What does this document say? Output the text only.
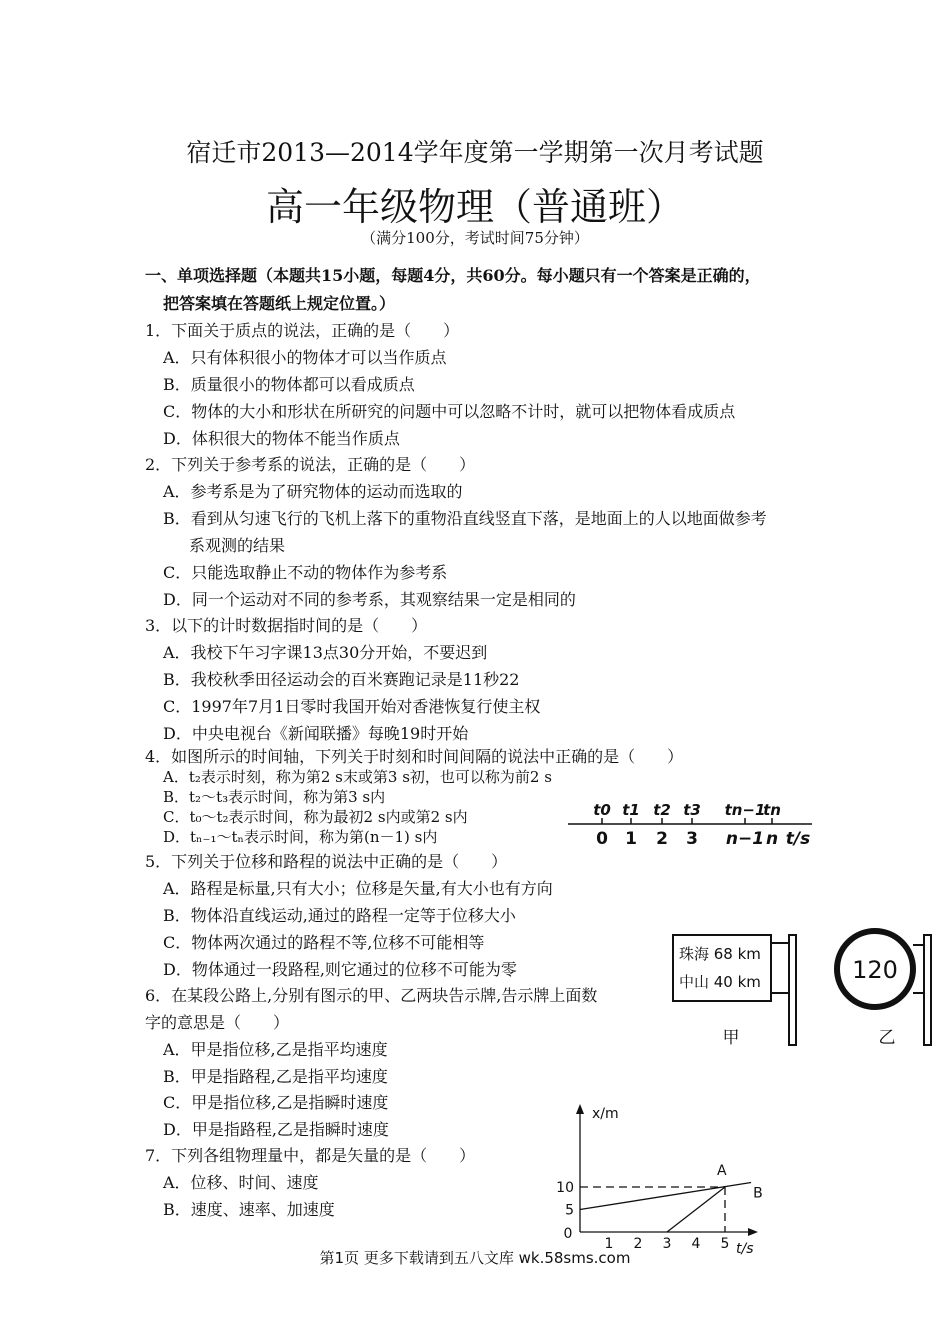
宿迁市2013—2014学年度第一学期第一次月考试题
高一年级物理（普通班）
（满分100分，考试时间75分钟）
一、单项选择题（本题共15小题，每题4分，共60分。每小题只有一个答案是正确的，
把答案填在答题纸上规定位置。）
1．下面关于质点的说法，正确的是（　　）
A．只有体积很小的物体才可以当作质点
B．质量很小的物体都可以看成质点
C．物体的大小和形状在所研究的问题中可以忽略不计时，就可以把物体看成质点
D．体积很大的物体不能当作质点
2．下列关于参考系的说法，正确的是（　　）
A．参考系是为了研究物体的运动而选取的
B．看到从匀速飞行的飞机上落下的重物沿直线竖直下落，是地面上的人以地面做参考
系观测的结果
C．只能选取静止不动的物体作为参考系
D．同一个运动对不同的参考系，其观察结果一定是相同的
3．以下的计时数据指时间的是（　　）
A．我校下午习字课13点30分开始，不要迟到
B．我校秋季田径运动会的百米赛跑记录是11秒22
C．1997年7月1日零时我国开始对香港恢复行使主权
D．中央电视台《新闻联播》每晚19时开始
4．如图所示的时间轴，下列关于时刻和时间间隔的说法中正确的是（　　）
A．t₂表示时刻，称为第2 s末或第3 s初，也可以称为前2 s
B．t₂～t₃表示时间，称为第3 s内
C．t₀～t₂表示时间，称为最初2 s内或第2 s内
D．tₙ₋₁～tₙ表示时间，称为第(n－1) s内
t0 t1 t2 t3 tn−1
tn
0 1 2 3 n−1 n t/s
5．下列关于位移和路程的说法中正确的是（　　）
A．路程是标量,只有大小；位移是矢量,有大小也有方向
B．物体沿直线运动,通过的路程一定等于位移大小
C．物体两次通过的路程不等,位移不可能相等
D．物体通过一段路程,则它通过的位移不可能为零
珠海 68 km
中山 40 km
甲
120
乙
6．在某段公路上,分别有图示的甲、乙两块告示牌,告示牌上面数
字的意思是（　　）
A．甲是指位移,乙是指平均速度
B．甲是指路程,乙是指平均速度
C．甲是指位移,乙是指瞬时速度
D．甲是指路程,乙是指瞬时速度
7．下列各组物理量中，都是矢量的是（　　）
A．位移、时间、速度
B．速度、速率、加速度
x/m
t/s
0
1 2 3 4 5
5
10
A
B
第1页 更多下载请到五八文库 wk.58sms.com
